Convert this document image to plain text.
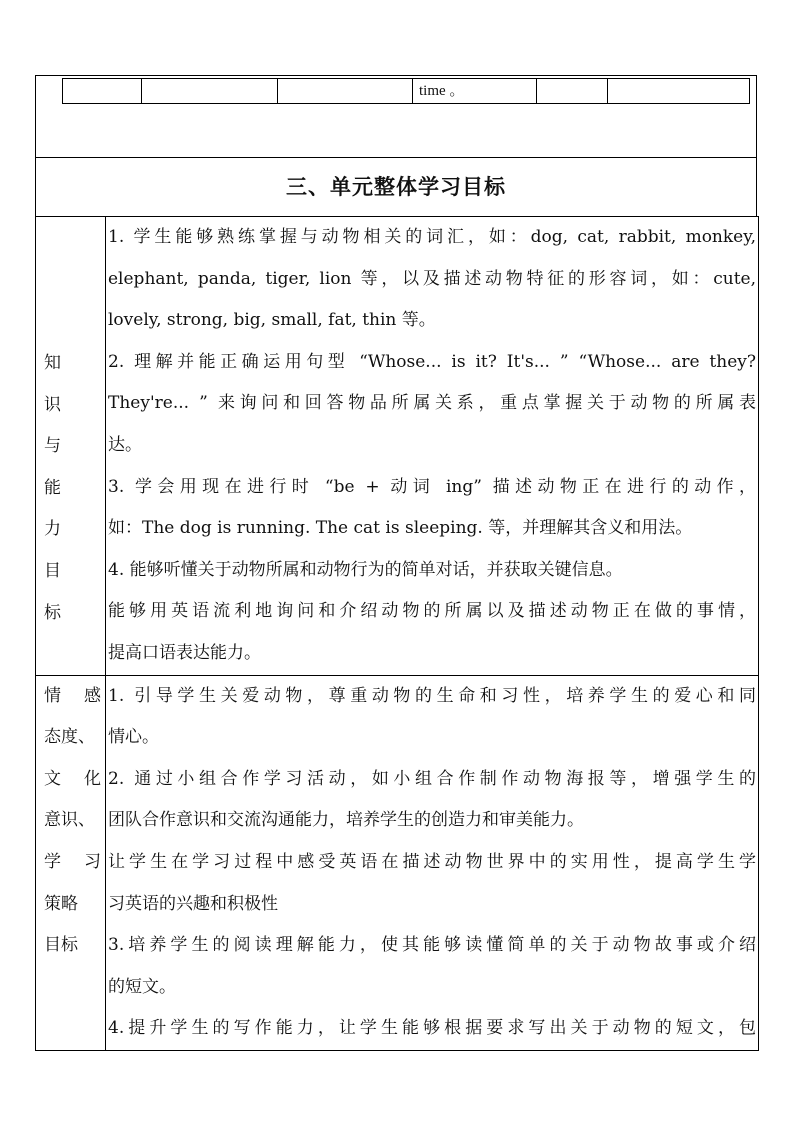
time 。
三、单元整体学习目标
知
识
与
能
力
目
标
1. 学生能够熟练掌握与动物相关的词汇，如：dog, cat, rabbit, monkey,
elephant, panda, tiger, lion 等，以及描述动物特征的形容词，如：cute,
lovely, strong, big, small, fat, thin 等。
2. 理解并能正确运用句型 “Whose... is it? It's... ” “Whose... are they?
They're... ” 来询问和回答物品所属关系，重点掌握关于动物的所属表
达。
3. 学会用现在进行时 “be + 动词 ing” 描述动物正在进行的动作，
如：The dog is running. The cat is sleeping. 等，并理解其含义和用法。
4. 能够听懂关于动物所属和动物行为的简单对话，并获取关键信息。
能够用英语流利地询问和介绍动物的所属以及描述动物正在做的事情，
提高口语表达能力。
情 感
态度、
文 化
意识、
学 习
策略
目标
1. 引导学生关爱动物，尊重动物的生命和习性，培养学生的爱心和同
情心。
2. 通过小组合作学习活动，如小组合作制作动物海报等，增强学生的
团队合作意识和交流沟通能力，培养学生的创造力和审美能力。
让学生在学习过程中感受英语在描述动物世界中的实用性，提高学生学
习英语的兴趣和积极性
3.培养学生的阅读理解能力，使其能够读懂简单的关于动物故事或介绍
的短文。
4.提升学生的写作能力，让学生能够根据要求写出关于动物的短文，包
